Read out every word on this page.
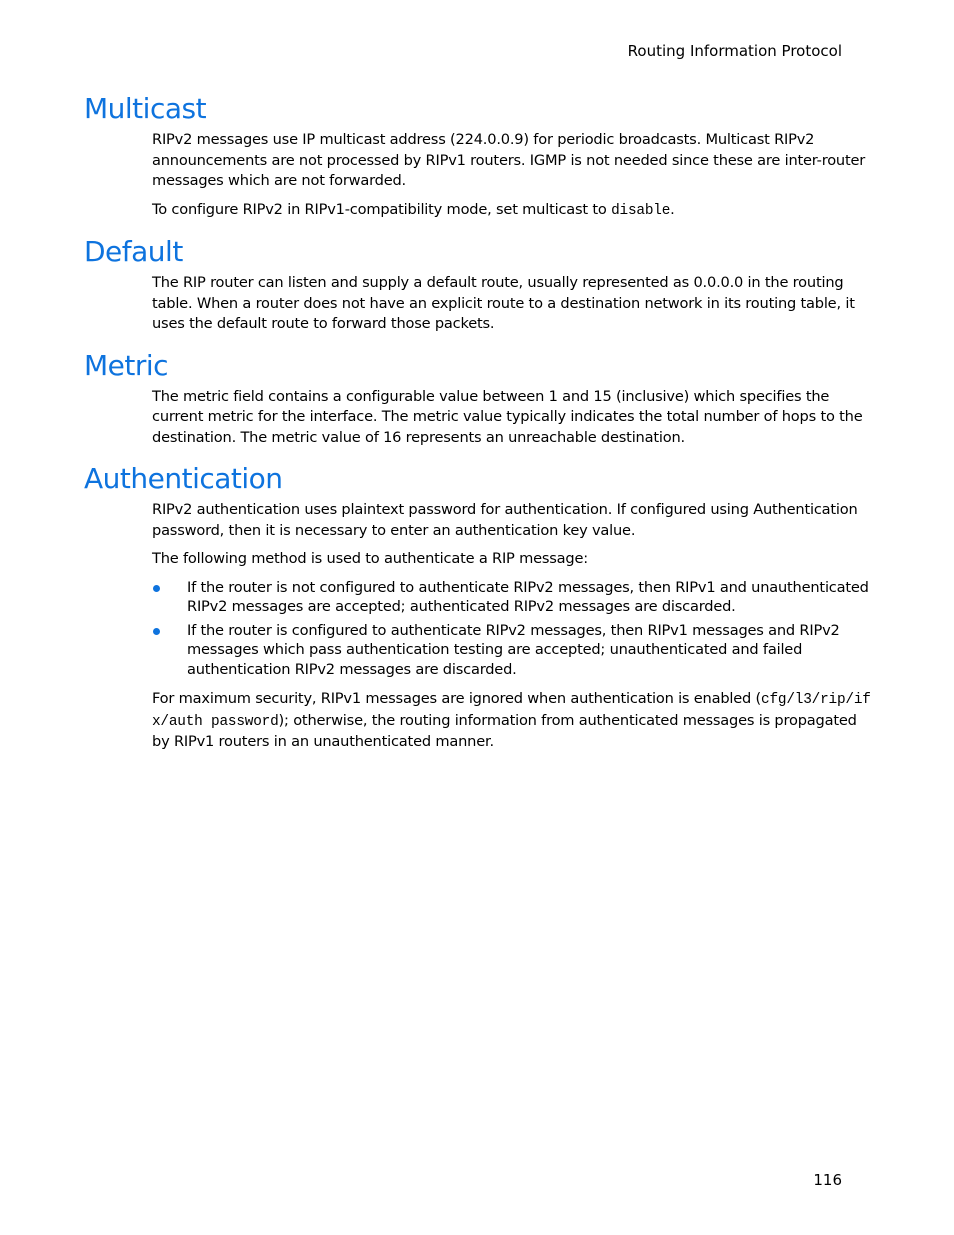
Routing Information Protocol
Multicast

RIPv2 messages use IP multicast address (224.0.0.9) for periodic broadcasts. Multicast RIPv2 announcements are not processed by RIPv1 routers. IGMP is not needed since these are inter-router messages which are not forwarded.

To configure RIPv2 in RIPv1-compatibility mode, set multicast to disable.

Default

The RIP router can listen and supply a default route, usually represented as 0.0.0.0 in the routing table. When a router does not have an explicit route to a destination network in its routing table, it uses the default route to forward those packets.

Metric

The metric field contains a configurable value between 1 and 15 (inclusive) which specifies the current metric for the interface. The metric value typically indicates the total number of hops to the destination. The metric value of 16 represents an unreachable destination.

Authentication

RIPv2 authentication uses plaintext password for authentication. If configured using Authentication password, then it is necessary to enter an authentication key value.

The following method is used to authenticate a RIP message:

If the router is not configured to authenticate RIPv2 messages, then RIPv1 and unauthenticated RIPv2 messages are accepted; authenticated RIPv2 messages are discarded.
If the router is configured to authenticate RIPv2 messages, then RIPv1 messages and RIPv2 messages which pass authentication testing are accepted; unauthenticated and failed authentication RIPv2 messages are discarded.

For maximum security, RIPv1 messages are ignored when authentication is enabled (cfg/l3/rip/if x/auth password); otherwise, the routing information from authenticated messages is propagated by RIPv1 routers in an unauthenticated manner.

116
